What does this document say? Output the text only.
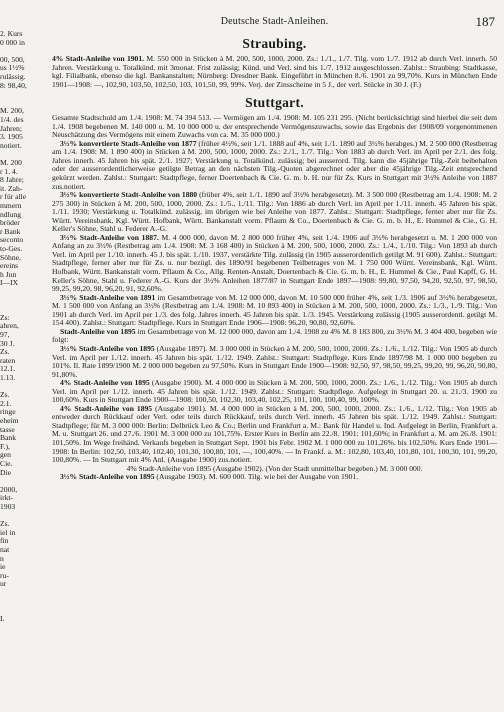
2. Kurs
0 000 in
00, 500,
us 1½%
rulässig.
8: 98,40,
M. 200,
1/4. des
Jahren;
3. 1905
notiert.
M. 200
r 1. 4.
8 Jahre;
it. Zah-
r für alle
mmern
ndlung
bröder
r Bank
seconto
to-Ges.
Söhne,
ereins
h Jun
I—IX
Zs:
ahren,
97,
30 J.
Zs.
raten
12.1.
1.13.
Zs.
2.1.
ringe
eheim
tasse
Bank
F.),
gen
Cie.
Die
2000,
irkt-
1903
Zs.
iel in
fin
nat
n
ie
ru-
ur
I.
Deutsche Stadt-Anleihen.	187
Straubing.

4% Stadt-Anleihe von 1901. M. 550 000 in Stücken à M. 200, 500, 1000, 2000. Zs.: 1./1., 1./7. Tilg. vom 1./7. 1912 ab durch Verl. innerh. 50 Jahren. Verstärkung u. Totalkünd. mit 3monat. Frist zulässig; Künd. und Verl. sind bis 1./7. 1912 ausgeschlossen. Zahlst.: Straubing: Stadtkasse, kgl. Filialbank, ebenso die kgl. Bankanstalten; Nürnberg: Dresdner Bank. Eingeführt in München 8./6. 1901 zu 99,70%. Kurs in München Ende 1901—1908: —, 102,90, 103,50, 102,50, 103, 101,50, 99, 99%. Verj. der Zinsscheine in 5 J., der verl. Stücke in 30 J. (F.)

Stuttgart.

Gesamte Stadtschuld am 1./4. 1908: M. 74 394 513. — Vermögen am 1./4. 1908: M. 105 231 295. (Nicht berücksichtigt sind hierbei die seit dem 1./4. 1908 begebenen M. 140 000 u. M. 10 000 000 u. der entsprechende Vermögenszuwachs, sowie das Ergebnis der 1908/09 vorgenommenen Neuschätzung des Vermögens mit einem Zuwachs von ca. M. 35 000 000.)

3½% konvertierte Stadt-Anleihe von 1877 (früher 4½%, seit 1./1. 1888 auf 4%, seit 1./1. 1890 auf 3½% herabges.) M. 2 500 000 (Restbetrag am 1./4. 1908: M. 1 890 400) in Stücken à M. 200, 500, 1000, 2000. Zs.: 2./1., 1./7. Tilg.: Von 1883 ab durch Verl. im April per 2./1. des folg. Jahres innerh. 45 Jahren bis spät. 2./1. 1927; Verstärkung u. Totalkünd. zulässig; bei ausserord. Tilg. kann die 45jährige Tilg.-Zeit beibehalten oder der ausserordentlicherweise getilgte Betrag an den nächsten Tilg.-Quoten abgerechnet oder aber die 45jährige Tilg.-Zeit entsprechend gekürzt werden. Zahlst.: Stuttgart: Stadtpflege, ferner Doertenbach & Cie. G. m. b. H. nur für Zs. Kurs in Stuttgart mit 3½% Anleihe von 1887 zus.notiert.

3½% konvertierte Stadt-Anleihe von 1880 (früher 4%, seit 1./1. 1890 auf 3½% herabgesetzt). M. 3 500 000 (Restbetrag am 1./4. 1908: M. 2 275 300) in Stücken à M. 200, 500, 1000, 2000. Zs.: 1./5., 1./11. Tilg.: Von 1886 ab durch Verl. im April per 1./11. innerh. 45 Jahren bis spät. 1./11. 1930; Verstärkung u. Totalkünd. zulässig, im übrigen wie bei Anleihe von 1877. Zahlst.: Stuttgart: Stadtpflege, ferner aber nur für Zs. Württ. Vereinsbank, Kgl. Württ. Hofbank, Württ. Bankanstalt vorm. Pflaum & Co., Doertenbach & Cie. G. m. b. H., E. Hummel & Cie., G. H. Keller's Söhne, Stahl u. Federer A.-G.

3½% Stadt-Anleihe von 1887. M. 4 000 000, davon M. 2 800 000 früher 4%, seit 1./4. 1906 auf 3½% herabgesetzt u. M. 1 200 000 von Anfang an zu 3½% (Restbetrag am 1./4. 1908: M. 3 168 400) in Stücken à M. 200, 500, 1000, 2000. Zs.: 1./4., 1./10. Tilg.: Von 1893 ab durch Verl. im April per 1./10. innerh. 45 J. bis spät. 1./10. 1937, verstärkte Tilg. zulässig (in 1905 ausserordentlich getilgt M. 91 600). Zahlst.: Stuttgart: Stadtpflege, ferner aber nur für Zs. u. nur bezügl. des 1890/91 begebenen Teilbetrages von M. 1 750 000 Württ. Vereinsbank, Kgl. Württ. Hofbank, Württ. Bankanstalt vorm. Pflaum & Co., Allg. Renten-Anstalt, Doertenbach & Cie. G. m. b. H., E. Hummel & Cie., Paul Kapff, G. H. Keller's Söhne, Stahl u. Federer A.-G. Kurs der 3½% Anleihen 1877/87 in Stuttgart Ende 1897—1908: 99,80, 97,50, 94,20, 92,50, 97, 98,50, 99,25, 99,20, 98, 96,20, 91, 92,60%.

3½% Stadt-Anleihe von 1891 im Gesamtbetrage von M. 12 000 000, davon M. 10 500 000 früher 4%, seit 1./3. 1906 auf 3½% herabgesetzt, M. 1 500 000 von Anfang an 3½% (Restbetrag am 1./4. 1908: M. 10 893 400) in Stücken à M. 200, 500, 1000, 2000. Zs.: 1./3., 1./9. Tilg.: Von 1901 ab durch Verl. im April per 1./3. des folg. Jahres innerh. 45 Jahren bis spät. 1./3. 1945. Verstärkung zulässig (1905 ausserordentl. getilgt M. 154 400). Zahlst.: Stuttgart: Stadtpflege. Kurs in Stuttgart Ende 1906—1908: 96,20, 90,80, 92,60%.

Stadt-Anleihe von 1895 im Gesamtbetrage von M. 12 000 000, davon am 1./4. 1908 zu 4% M. 8 183 800, zu 3½% M. 3 404 400, begeben wie folgt:

3½% Stadt-Anleihe von 1895 (Ausgabe 1897). M. 3 000 000 in Stücken à M. 200, 500, 1000, 2000. Zs.: 1./6., 1./12. Tilg.: Von 1905 ab durch Verl. im April per 1./12. innerh. 45 Jahren bis spät. 1./12. 1949. Zahlst.: Stuttgart: Stadtpflege. Kurs Ende 1897/98 M. 1 000 000 begeben zu 101%. Il. Rate 1899/1900 M. 2 000 000 begeben zu 97,50%. Kurs in Stuttgart Ende 1900—1908: 92,50, 97, 98,50, 99,25, 99,20, 99, 96,20, 90,80, 91,80%.

4% Stadt-Anleihe von 1895 (Ausgabe 1900). M. 4 000 000 in Stücken à M. 200, 500, 1000, 2000. Zs.: 1./6., 1./12. Tilg.: Von 1905 ab durch Verl. im April per 1./12. innerh. 45 Jahren bis spät. 1./12. 1949. Zahlst.: Stuttgart: Stadtpflege. Aufgelegt in Stuttgart 20. u. 21./3. 1900 zu 100,60%. Kurs in Stuttgart Ende 1900—1908: 100,50, 102,30, 103,40, 102,25, 101, 100, 100,40, 99, 100%.

4% Stadt-Anleihe von 1895 (Ausgabe 1901). M. 4 000 000 in Stücken à M. 200, 500, 1000, 2000. Zs.: 1./6., 1./12. Tilg.: Von 1905 ab entweder durch Rückkauf oder Verl. oder teils durch Rückkauf, teils durch Verl. innerh. 45 Jahren bis spät. 1./12. 1949. Zahlst.: Stuttgart: Stadtpflege; für M. 3 000 000: Berlin: Delbrück Leo & Co.; Berlin und Frankfurt a. M.: Bank für Handel u. Ind. Aufgelegt in Berlin, Frankfurt a. M. u. Stuttgart 26. und 27./6. 1901 M. 3 000 000 zu 101,75%. Erster Kurs in Berlin am 22./8. 1901: 101,60%; in Frankfurt a. M. am 26./8. 1901: 101,50%. Im Wege freihänd. Verkaufs begeben in Stuttgart Sept. 1901 bis Febr. 1902 M. 1 000 000 zu 101,26%. bis 102,50%. Kurs Ende 1901—1908: In Berlin: 102,50, 103,40, 102,40, 101,30, 100,80, 101, —, 100,40%. — In Frankf. a. M.: 102,80, 103,40, 101,80, 101, 100,30, 101, 99,20, 100,80%. — In Stuttgart mit 4% Anl. (Ausgabe 1900) zus.notiert.

4% Stadt-Anleihe von 1895 (Ausgabe 1902). (Von der Stadt unmittelbar begeben.) M. 3 000 000.

3½% Stadt-Anleihe von 1895 (Ausgabe 1903). M. 600 000. Tilg. wie bei der Ausgabe von 1901.
